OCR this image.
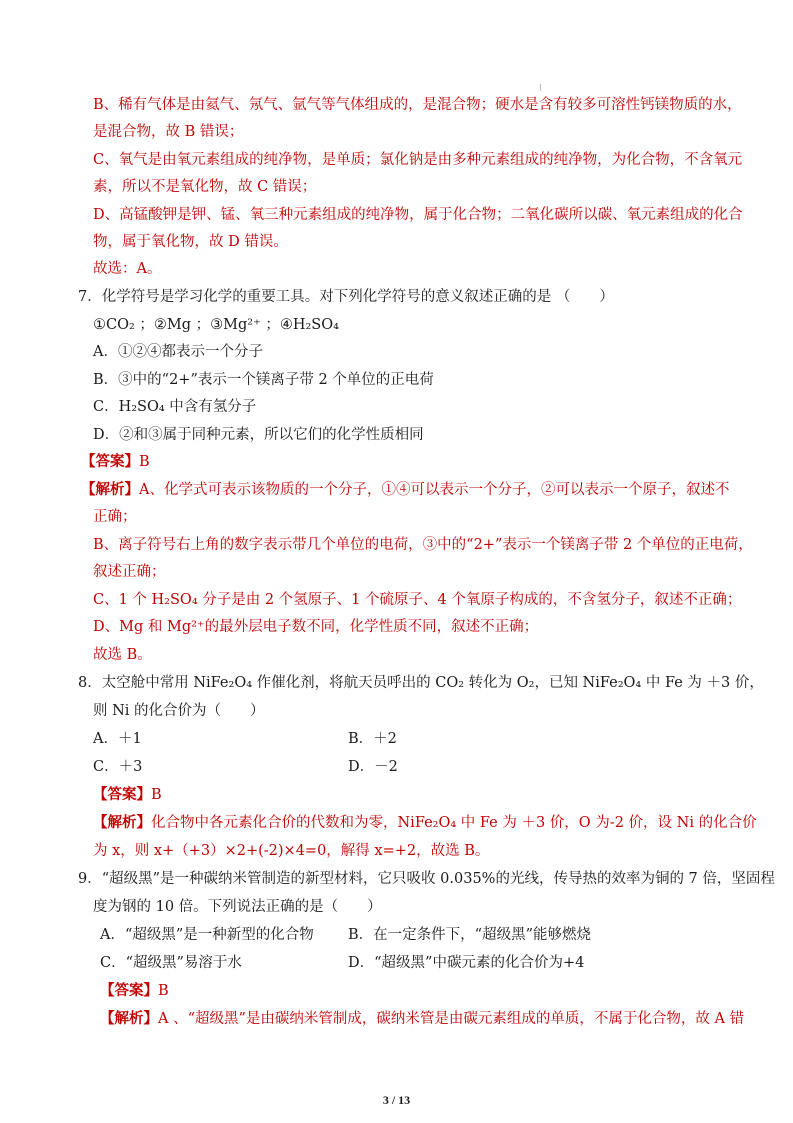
B、稀有气体是由氦气、氖气、氩气等气体组成的，是混合物；硬水是含有较多可溶性钙镁物质的水，
是混合物，故 B 错误；
C、氧气是由氧元素组成的纯净物，是单质；氯化钠是由多种元素组成的纯净物，为化合物，不含氧元
素，所以不是氧化物，故 C 错误；
D、高锰酸钾是钾、锰、氧三种元素组成的纯净物，属于化合物；二氧化碳所以碳、氧元素组成的化合
物，属于氧化物，故 D 错误。
故选：A。
7．化学符号是学习化学的重要工具。对下列化学符号的意义叙述正确的是 （　　）
①CO₂ ；②Mg ；③Mg²⁺ ；④H₂SO₄
A．①②④都表示一个分子
B．③中的“2+”表示一个镁离子带 2 个单位的正电荷
C．H₂SO₄ 中含有氢分子
D．②和③属于同种元素，所以它们的化学性质相同
【答案】B
【解析】A、化学式可表示该物质的一个分子，①④可以表示一个分子，②可以表示一个原子，叙述不
正确；
B、离子符号右上角的数字表示带几个单位的电荷，③中的“2+”表示一个镁离子带 2 个单位的正电荷，
叙述正确；
C、1 个 H₂SO₄ 分子是由 2 个氢原子、1 个硫原子、4 个氧原子构成的，不含氢分子，叙述不正确；
D、Mg 和 Mg²⁺的最外层电子数不同，化学性质不同，叙述不正确；
故选 B。
8．太空舱中常用 NiFe₂O₄ 作催化剂，将航天员呼出的 CO₂ 转化为 O₂，已知 NiFe₂O₄ 中 Fe 为 ＋3 价，
则 Ni 的化合价为（　　）
A．＋1	B．＋2
C．＋3	D．－2
【答案】B
【解析】化合物中各元素化合价的代数和为零，NiFe₂O₄ 中 Fe 为 ＋3 价，O 为-2 价，设 Ni 的化合价
为 x，则 x+（+3）×2+(-2)×4=0，解得 x=+2，故选 B。
9．“超级黑”是一种碳纳米管制造的新型材料，它只吸收 0.035%的光线，传导热的效率为铜的 7 倍，坚固程
度为钢的 10 倍。下列说法正确的是（　　）
A．“超级黑”是一种新型的化合物 B．在一定条件下，“超级黑”能够燃烧
C．“超级黑”易溶于水	D．“超级黑”中碳元素的化合价为+4
【答案】B
【解析】A 、“超级黑”是由碳纳米管制成，碳纳米管是由碳元素组成的单质，不属于化合物，故 A 错
3 / 13
